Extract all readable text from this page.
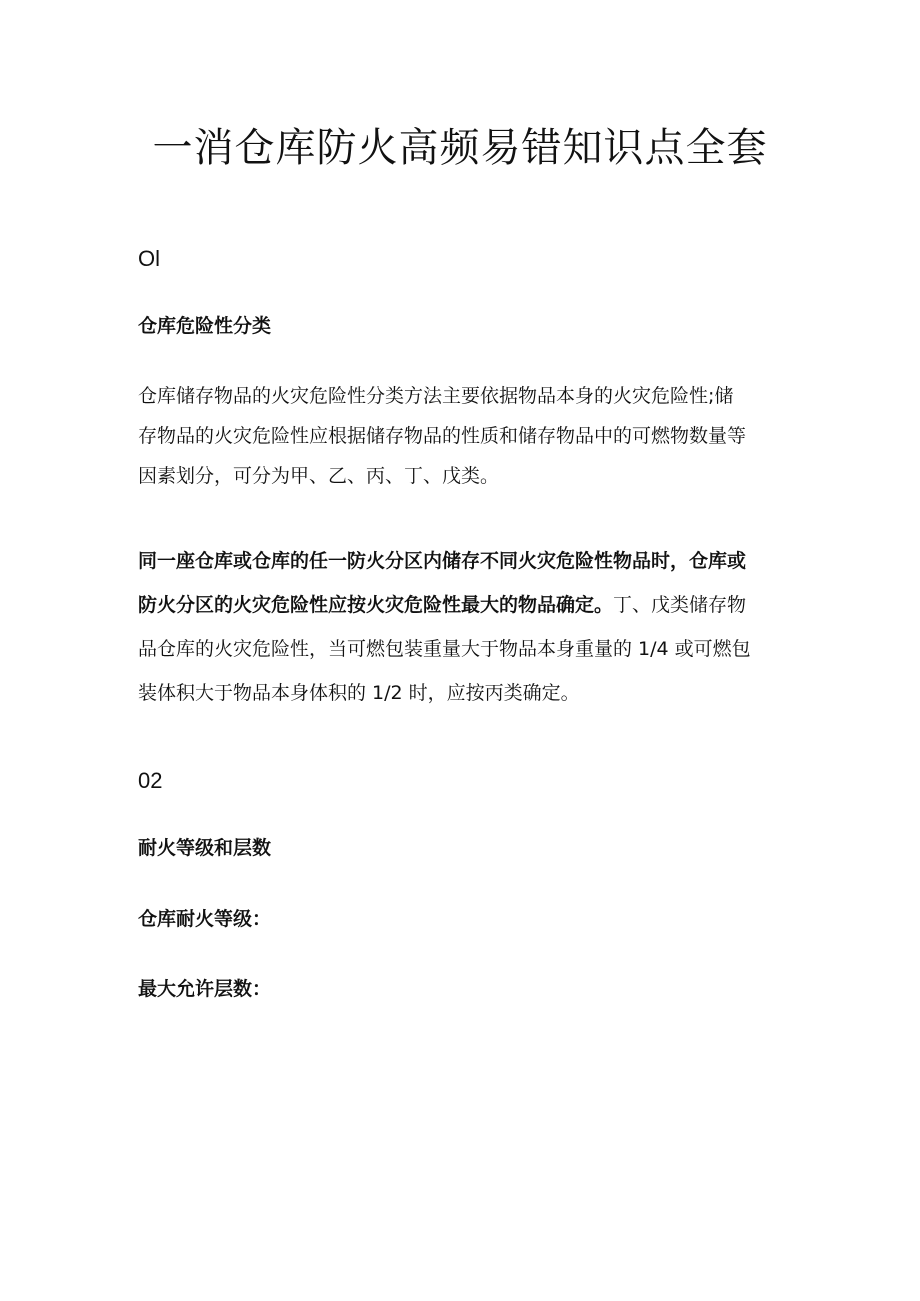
一消仓库防火高频易错知识点全套
Ol
仓库危险性分类
仓库储存物品的火灾危险性分类方法主要依据物品本身的火灾危险性;储
存物品的火灾危险性应根据储存物品的性质和储存物品中的可燃物数量等
因素划分，可分为甲、乙、丙、丁、戊类。
同一座仓库或仓库的任一防火分区内储存不同火灾危险性物品时，仓库或
防火分区的火灾危险性应按火灾危险性最大的物品确定。丁、戊类储存物
品仓库的火灾危险性，当可燃包装重量大于物品本身重量的 1/4 或可燃包
装体积大于物品本身体积的 1/2 时，应按丙类确定。
02
耐火等级和层数
仓库耐火等级：
最大允许层数：
